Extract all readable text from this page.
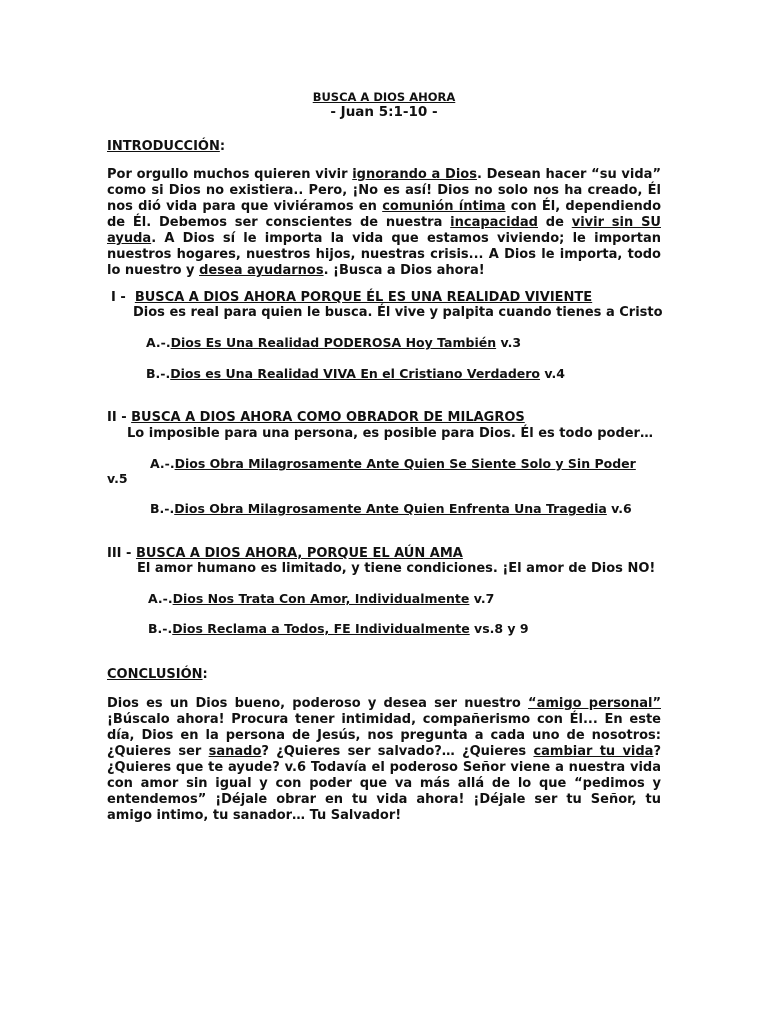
BUSCA A DIOS AHORA
- Juan 5:1-10 -
INTRODUCCIÓN:
Por orgullo muchos quieren vivir ignorando a Dios. Desean hacer “su vida” como si Dios no existiera.. Pero, ¡No es así! Dios no solo nos ha creado, Él nos dió vida para que viviéramos en comunión íntima con Él, dependiendo de Él. Debemos ser conscientes de nuestra incapacidad de vivir sin SU ayuda. A Dios sí le importa la vida que estamos viviendo; le importan nuestros hogares, nuestros hijos, nuestras crisis... A Dios le importa, todo lo nuestro y desea ayudarnos. ¡Busca a Dios ahora!
I - BUSCA A DIOS AHORA PORQUE ÉL ES UNA REALIDAD VIVIENTE
Dios es real para quien le busca. Él vive y palpita cuando tienes a Cristo
A.-.Dios Es Una Realidad PODEROSA Hoy También v.3
B.-.Dios es Una Realidad VIVA En el Cristiano Verdadero v.4
II - BUSCA A DIOS AHORA COMO OBRADOR DE MILAGROS
Lo imposible para una persona, es posible para Dios. Él es todo poder…
A.-.Dios Obra Milagrosamente Ante Quien Se Siente Solo y Sin Poder
v.5
B.-.Dios Obra Milagrosamente Ante Quien Enfrenta Una Tragedia v.6
III - BUSCA A DIOS AHORA, PORQUE EL AÚN AMA
El amor humano es limitado, y tiene condiciones. ¡El amor de Dios NO!
A.-.Dios Nos Trata Con Amor, Individualmente v.7
B.-.Dios Reclama a Todos, FE Individualmente vs.8 y 9
CONCLUSIÓN:
Dios es un Dios bueno, poderoso y desea ser nuestro “amigo personal” ¡Búscalo ahora! Procura tener intimidad, compañerismo con Él... En este día, Dios en la persona de Jesús, nos pregunta a cada uno de nosotros: ¿Quieres ser sanado? ¿Quieres ser salvado?… ¿Quieres cambiar tu vida? ¿Quieres que te ayude? v.6 Todavía el poderoso Señor viene a nuestra vida con amor sin igual y con poder que va más allá de lo que “pedimos y entendemos” ¡Déjale obrar en tu vida ahora! ¡Déjale ser tu Señor, tu amigo intimo, tu sanador… Tu Salvador!
